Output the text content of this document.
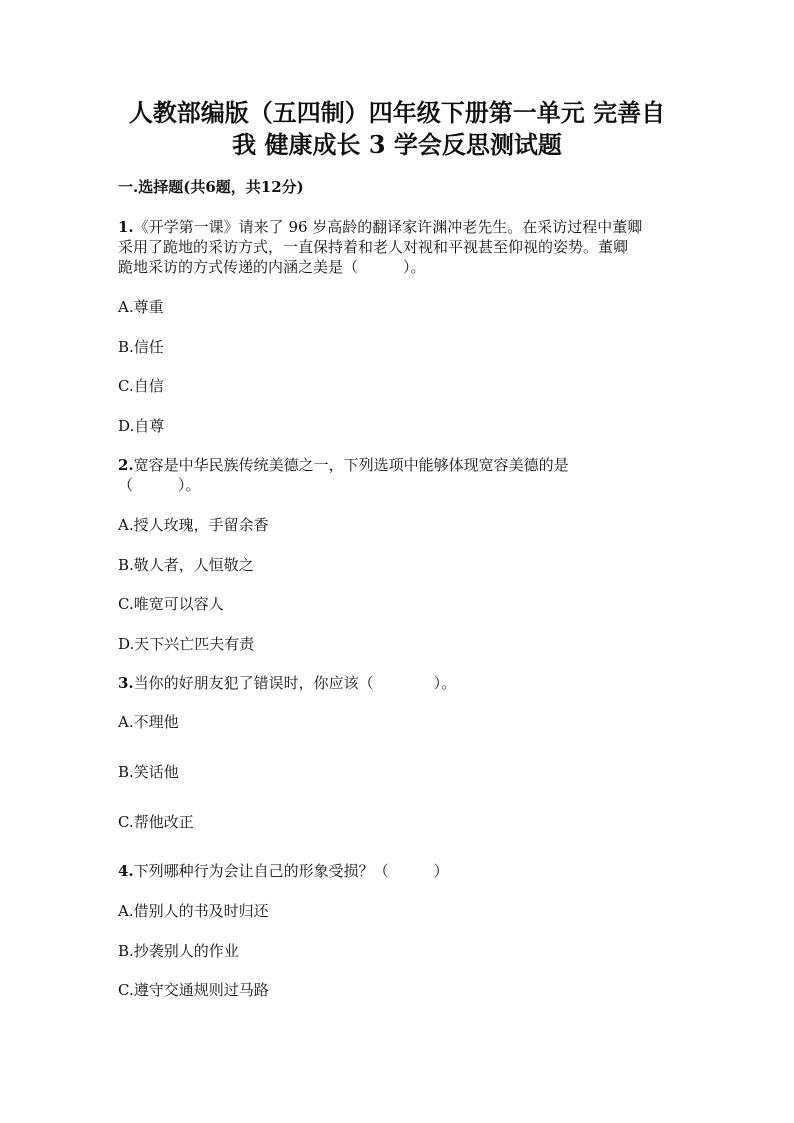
人教部编版（五四制）四年级下册第一单元 完善自
我 健康成长 3 学会反思测试题
一.选择题(共6题，共12分)
1.《开学第一课》请来了 96 岁高龄的翻译家许渊冲老先生。在采访过程中董卿
采用了跪地的采访方式，一直保持着和老人对视和平视甚至仰视的姿势。董卿
跪地采访的方式传递的内涵之美是（　　　）。
A.尊重
B.信任
C.自信
D.自尊
2.宽容是中华民族传统美德之一，下列选项中能够体现宽容美德的是
（　　　）。
A.授人玫瑰，手留余香
B.敬人者，人恒敬之
C.唯宽可以容人
D.天下兴亡匹夫有责
3.当你的好朋友犯了错误时，你应该（　　　　）。
A.不理他
B.笑话他
C.帮他改正
4.下列哪种行为会让自己的形象受损？（　　　）
A.借别人的书及时归还
B.抄袭别人的作业
C.遵守交通规则过马路
